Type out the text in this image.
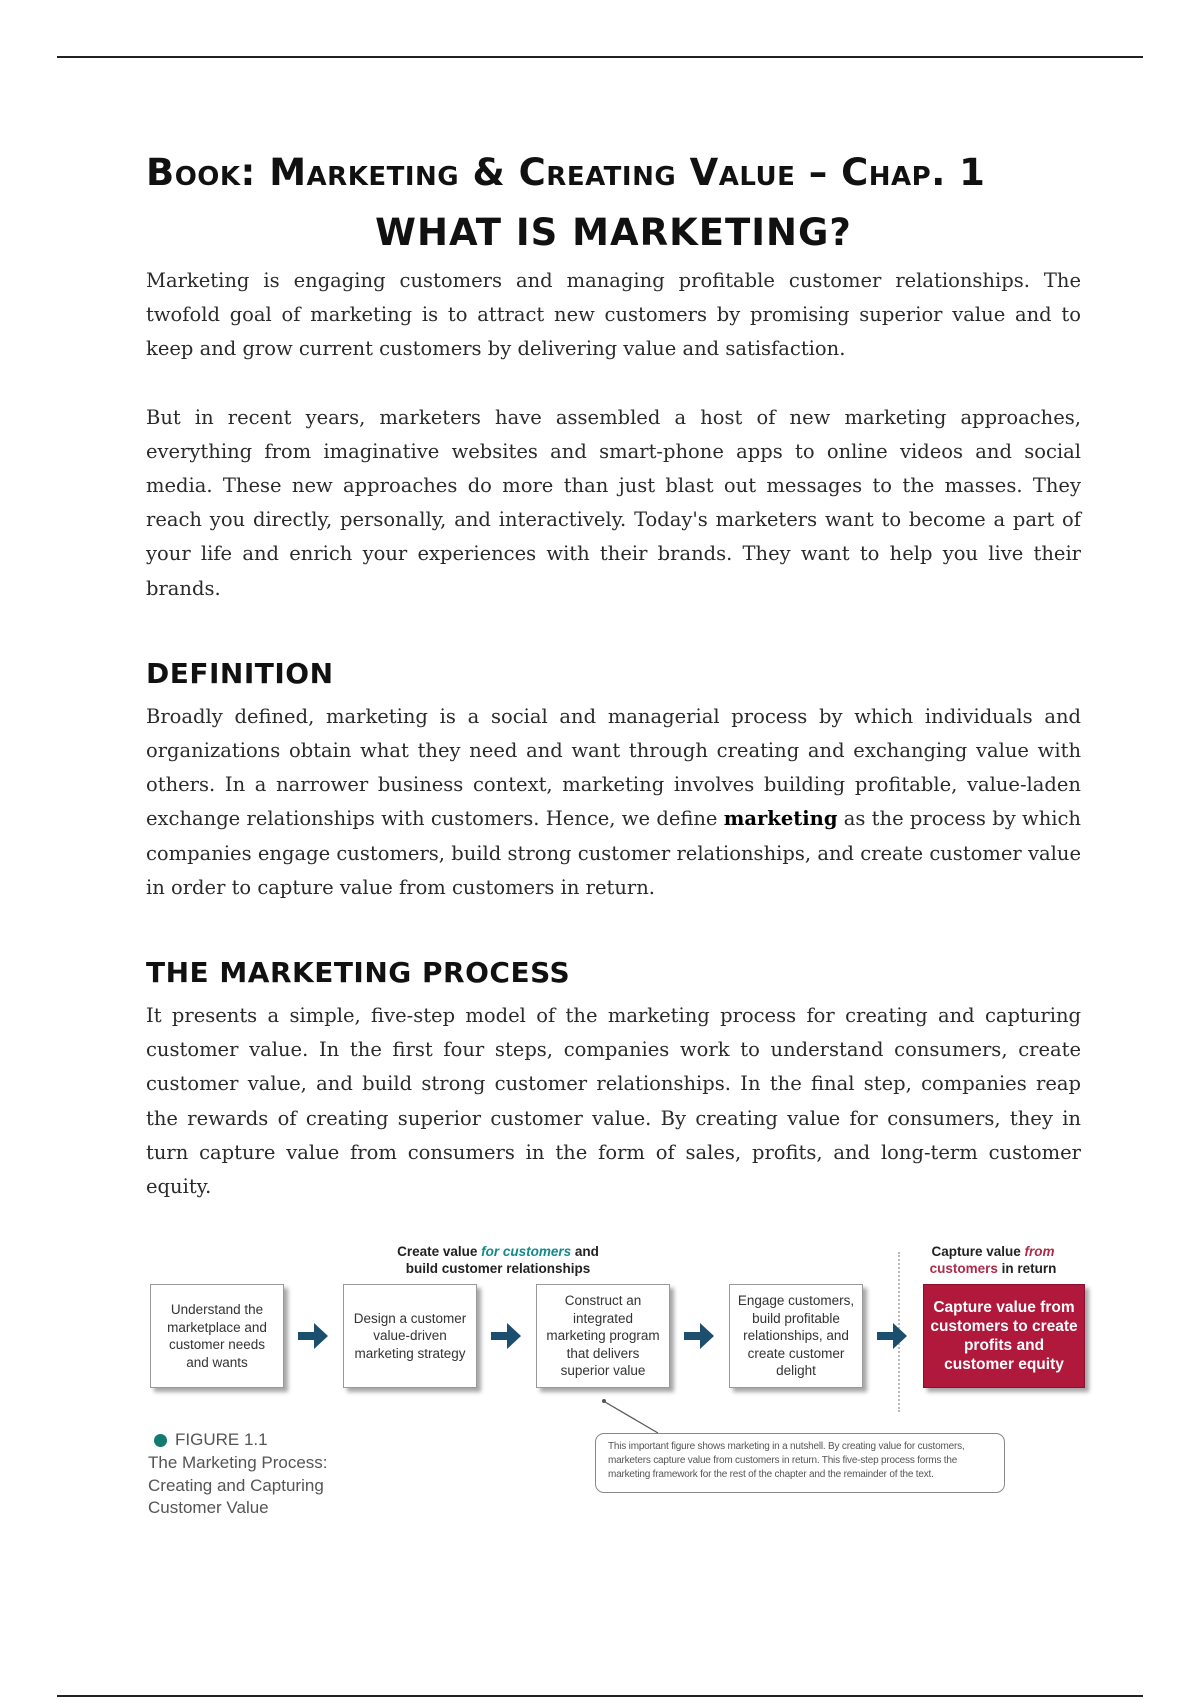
Book: Marketing & Creating Value – Chap. 1
WHAT IS MARKETING?

Marketing is engaging customers and managing profitable customer relationships. The twofold goal of marketing is to attract new customers by promising superior value and to keep and grow current customers by delivering value and satisfaction.

But in recent years, marketers have assembled a host of new marketing approaches, everything from imaginative websites and smart-phone apps to online videos and social media. These new approaches do more than just blast out messages to the masses. They reach you directly, personally, and interactively. Today's marketers want to become a part of your life and enrich your experiences with their brands. They want to help you live their brands.

DEFINITION

Broadly defined, marketing is a social and managerial process by which individuals and organizations obtain what they need and want through creating and exchanging value with others. In a narrower business context, marketing involves building profitable, value-laden exchange relationships with customers. Hence, we define marketing as the process by which companies engage customers, build strong customer relationships, and create customer value in order to capture value from customers in return.

THE MARKETING PROCESS

It presents a simple, five-step model of the marketing process for creating and capturing customer value. In the first four steps, companies work to understand consumers, create customer value, and build strong customer relationships. In the final step, companies reap the rewards of creating superior customer value. By creating value for consumers, they in turn capture value from consumers in the form of sales, profits, and long-term customer equity.

Create value for customers and
build customer relationships
Capture value from
customers in return
Understand the marketplace and customer needs and wants
Design a customer value-driven marketing strategy
Construct an integrated marketing program that delivers superior value
Engage customers, build profitable relationships, and create customer delight
Capture value from customers to create profits and customer equity
FIGURE 1.1
The Marketing Process: Creating and Capturing Customer Value
This important figure shows marketing in a nutshell. By creating value for customers, marketers capture value from customers in return. This five-step process forms the marketing framework for the rest of the chapter and the remainder of the text.
